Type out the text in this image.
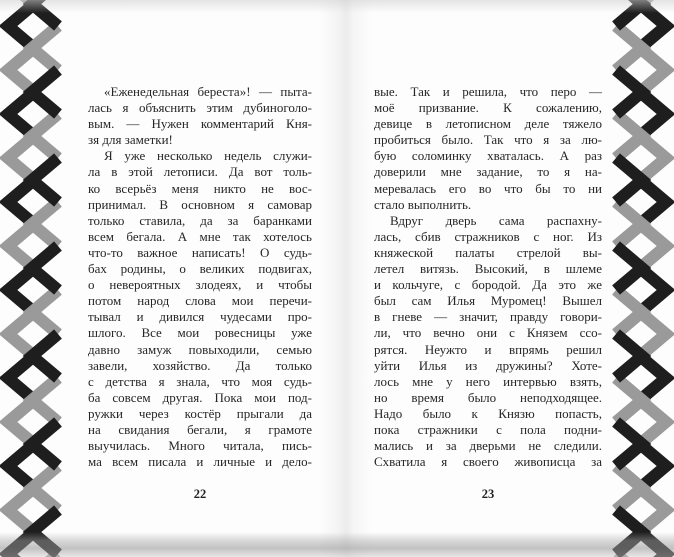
«Еженедельная береста»! — пыта-
лась я объяснить этим дубиноголо-
вым. — Нужен комментарий Кня-
зя для заметки!
Я уже несколько недель служи-
ла в этой летописи. Да вот толь-
ко всерьёз меня никто не вос-
принимал. В основном я самовар
только ставила, да за баранками
всем бегала. А мне так хотелось
что-то важное написать! О судь-
бах родины, о великих подвигах,
о невероятных злодеях, и чтобы
потом народ слова мои перечи-
тывал и дивился чудесами про-
шлого. Все мои ровесницы уже
давно замуж повыходили, семью
завели, хозяйство. Да только
с детства я знала, что моя судь-
ба совсем другая. Пока мои под-
ружки через костёр прыгали да
на свидания бегали, я грамоте
выучилась. Много читала, пись-
ма всем писала и личные и дело-
22
вые. Так и решила, что перо —
моё призвание. К сожалению,
девице в летописном деле тяжело
пробиться было. Так что я за лю-
бую соломинку хваталась. А раз
доверили мне задание, то я на-
меревалась его во что бы то ни
стало выполнить.
Вдруг дверь сама распахну-
лась, сбив стражников с ног. Из
княжеской палаты стрелой вы-
летел витязь. Высокий, в шлеме
и кольчуге, с бородой. Да это же
был сам Илья Муромец! Вышел
в гневе — значит, правду говори-
ли, что вечно они с Князем ссо-
рятся. Неужто и впрямь решил
уйти Илья из дружины? Хоте-
лось мне у него интервью взять,
но время было неподходящее.
Надо было к Князю попасть,
пока стражники с пола подни-
мались и за дверьми не следили.
Схватила я своего живописца за
23
